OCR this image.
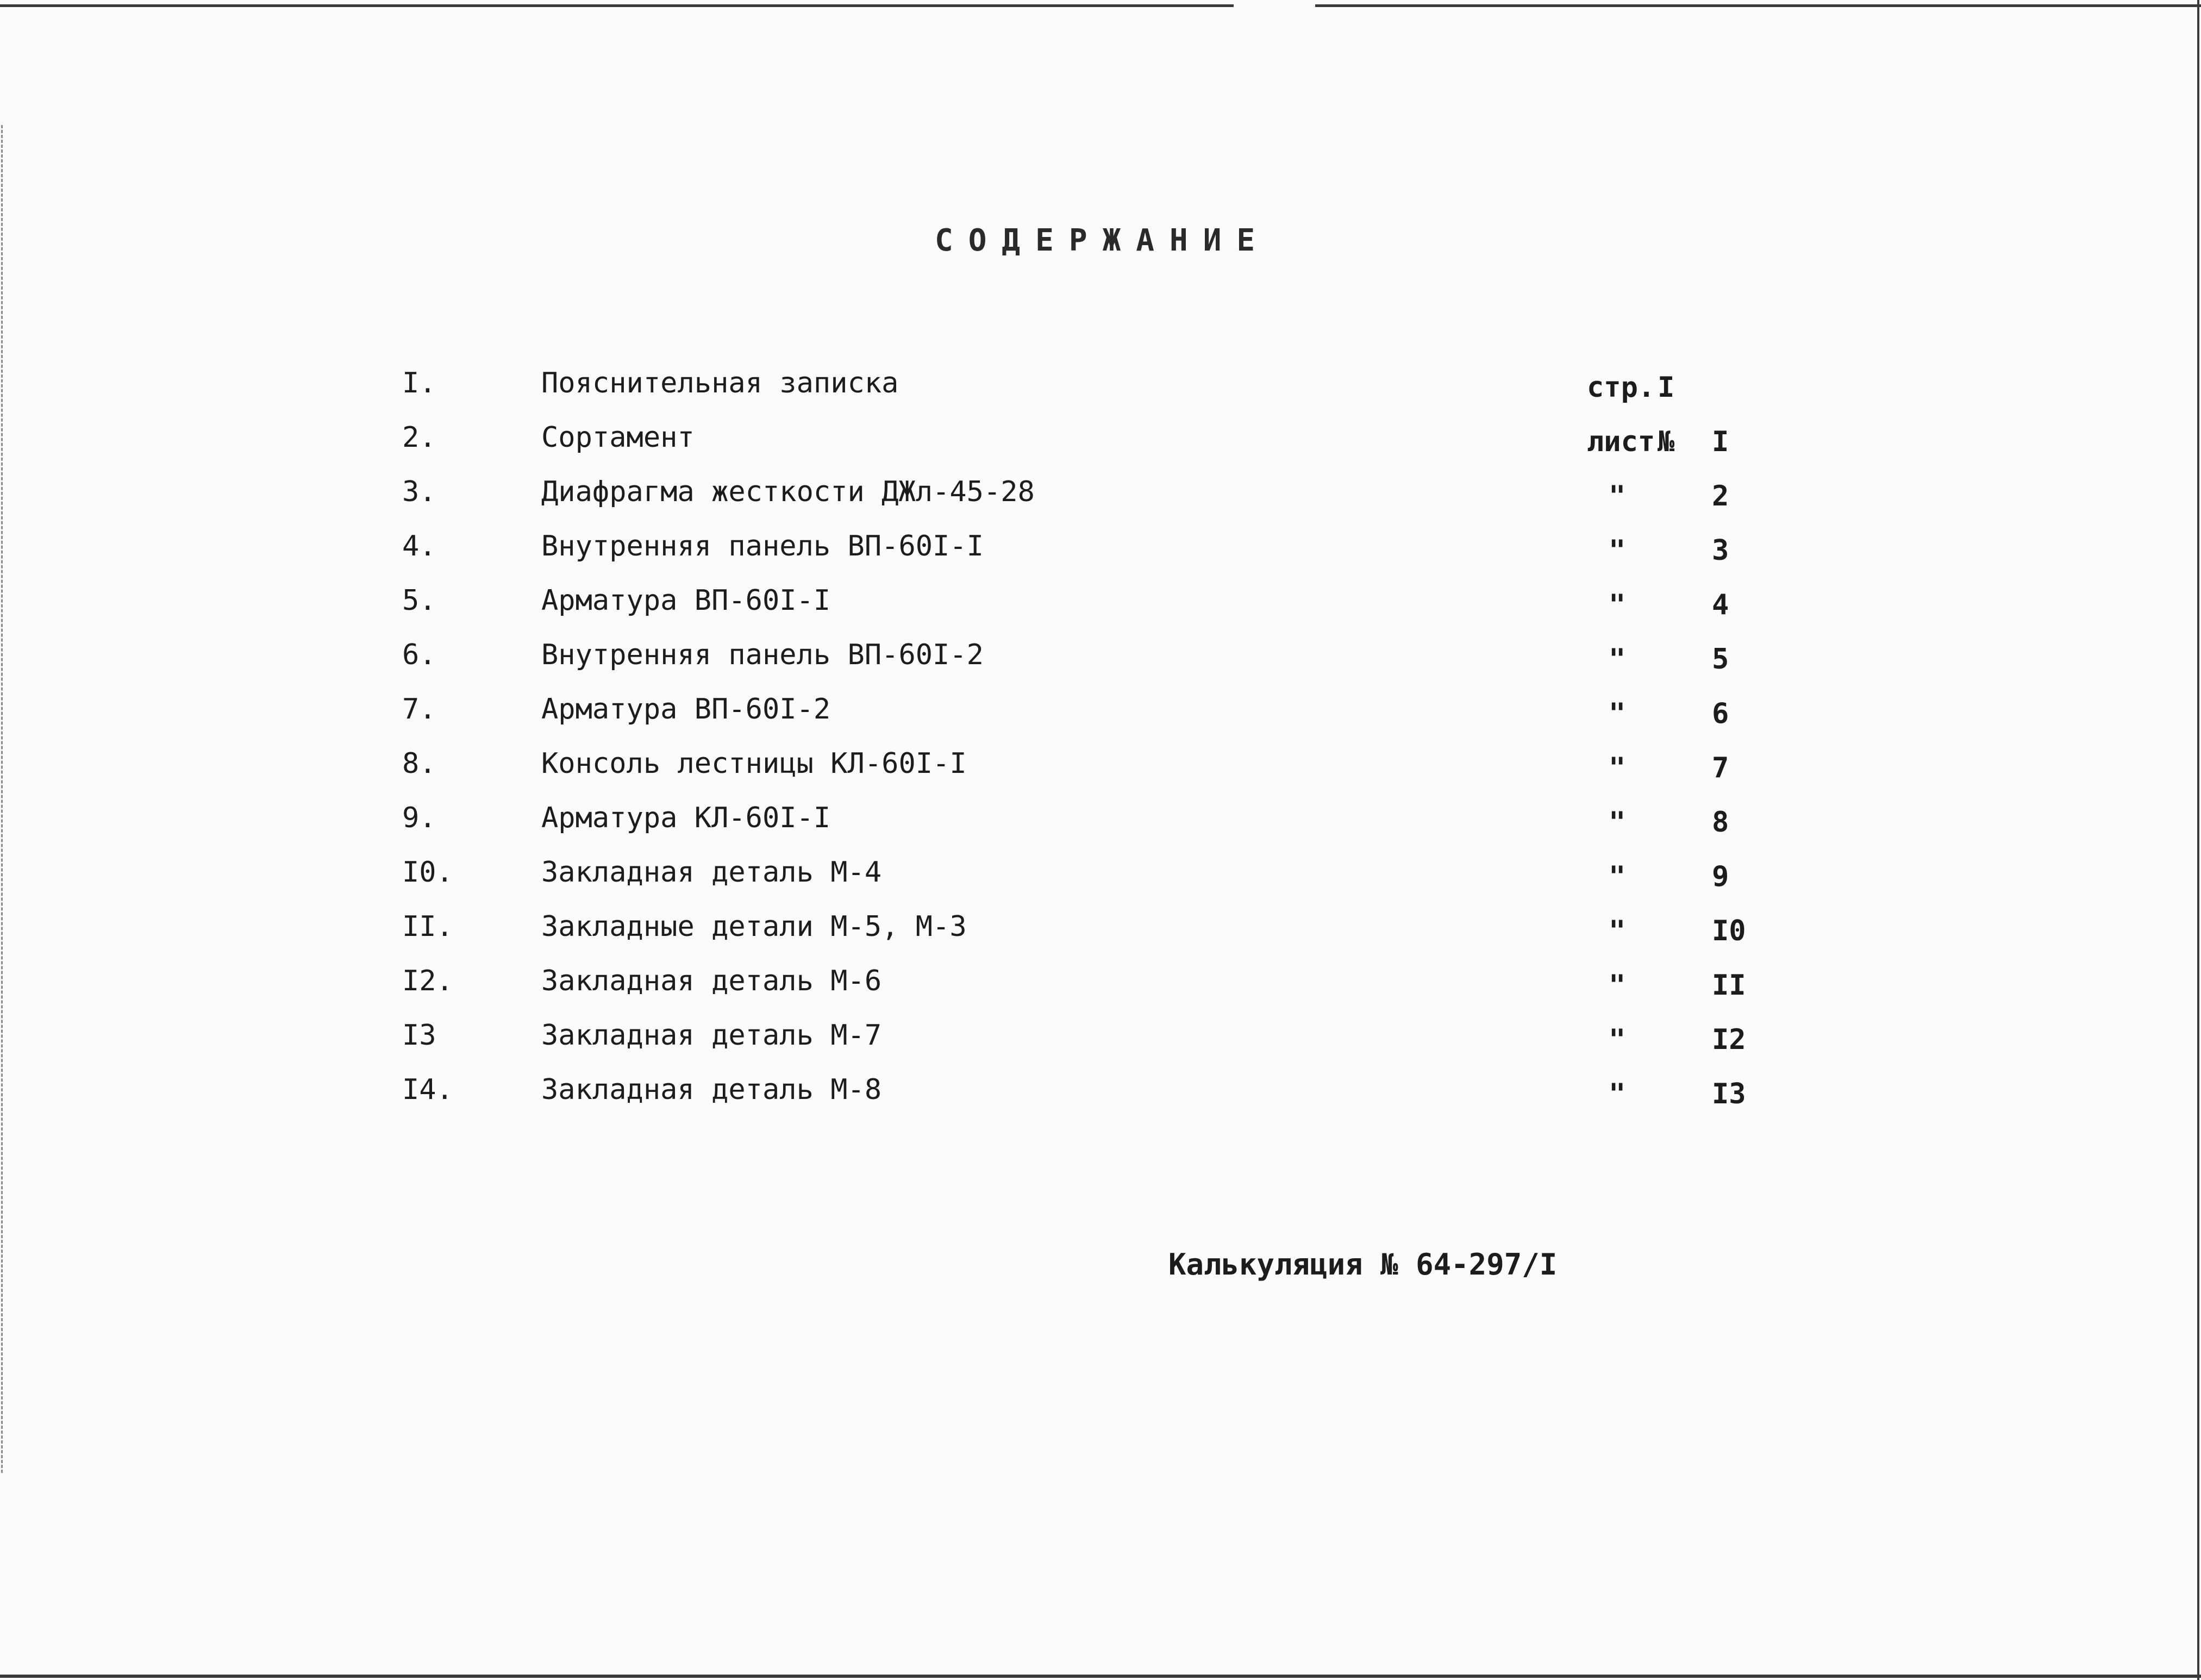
СОДЕРЖАНИЕ
I.	Пояснительная записка	стр.I
2.	Сортамент	лист№ I
3.	Диафрагма жесткости ДЖл-45-28	"	2
4.	Внутренняя панель ВП-60I-I	"	3
5.	Арматура ВП-60I-I	"	4
6.	Внутренняя панель ВП-60I-2	"	5
7.	Арматура ВП-60I-2	"	6
8.	Консоль лестницы КЛ-60I-I	"	7
9.	Арматура КЛ-60I-I	"	8
I0.	Закладная деталь М-4	"	9
II.	Закладные детали М-5, М-3	"	I0
I2.	Закладная деталь М-6	"	II
I3	Закладная деталь М-7	"	I2
I4.	Закладная деталь М-8	"	I3
Калькуляция № 64-297/I
